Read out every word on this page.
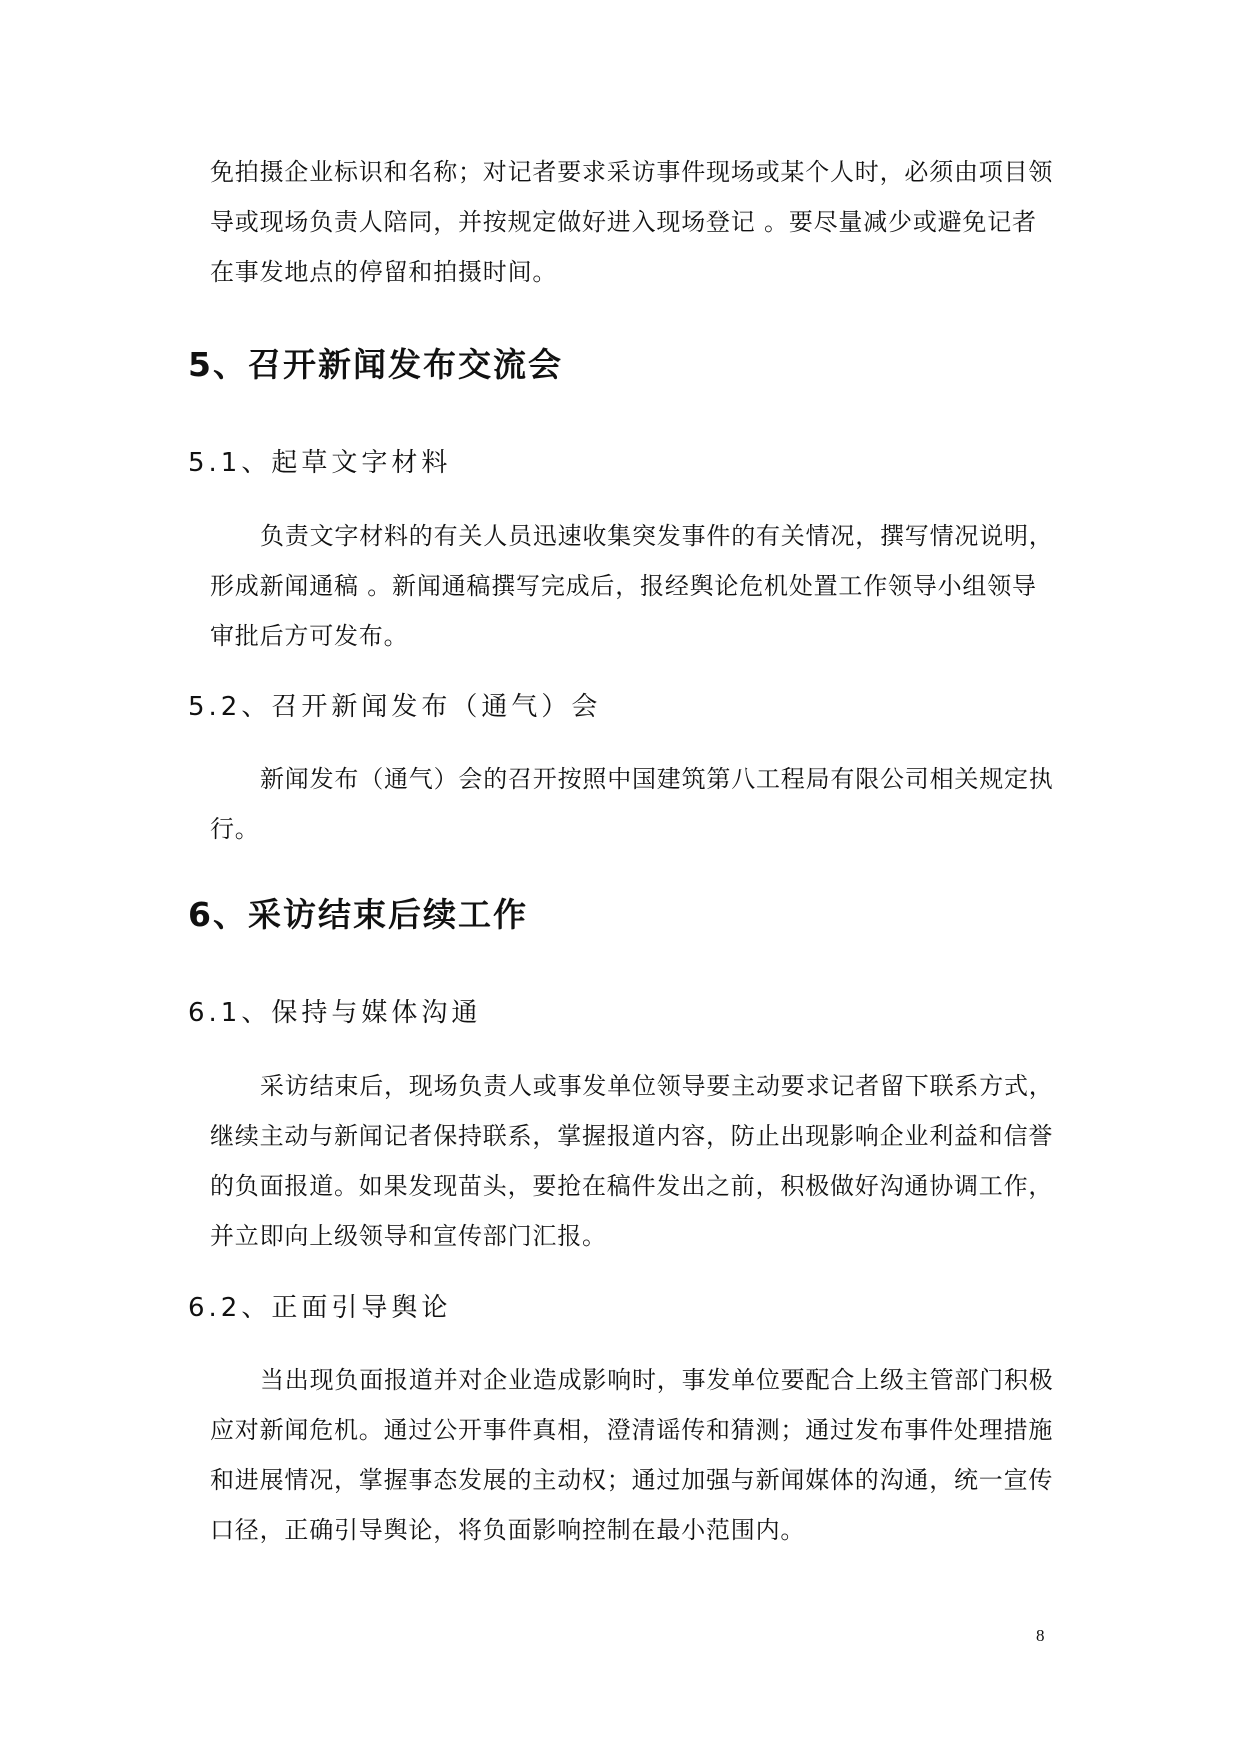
免拍摄企业标识和名称；对记者要求采访事件现场或某个人时，必须由项目领
导或现场负责人陪同，并按规定做好进入现场登记 。要尽量减少或避免记者
在事发地点的停留和拍摄时间。
5、召开新闻发布交流会
5.1、起草文字材料
负责文字材料的有关人员迅速收集突发事件的有关情况，撰写情况说明，
形成新闻通稿 。新闻通稿撰写完成后，报经舆论危机处置工作领导小组领导
审批后方可发布。
5.2、召开新闻发布（通气）会
新闻发布（通气）会的召开按照中国建筑第八工程局有限公司相关规定执
行。
6、采访结束后续工作
6.1、保持与媒体沟通
采访结束后，现场负责人或事发单位领导要主动要求记者留下联系方式，
继续主动与新闻记者保持联系，掌握报道内容，防止出现影响企业利益和信誉
的负面报道。如果发现苗头，要抢在稿件发出之前，积极做好沟通协调工作，
并立即向上级领导和宣传部门汇报。
6.2、正面引导舆论
当出现负面报道并对企业造成影响时，事发单位要配合上级主管部门积极
应对新闻危机。通过公开事件真相，澄清谣传和猜测；通过发布事件处理措施
和进展情况，掌握事态发展的主动权；通过加强与新闻媒体的沟通，统一宣传
口径，正确引导舆论，将负面影响控制在最小范围内。
8
